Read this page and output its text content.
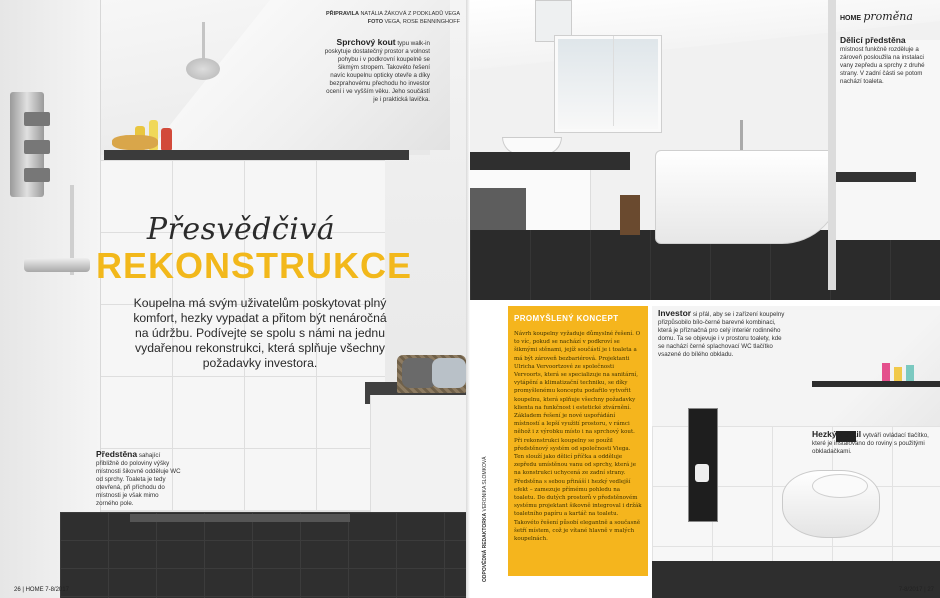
PŘIPRAVILA NATÁLIA ŽÁKOVÁ Z PODKLADŮ VEGA
FOTO VEGA, ROSE BENNINGHOFF
Sprchový kout typu walk-in poskytuje dostatečný prostor a volnost pohybu i v podkrovní koupelně se šikmým stropem. Takovéto řešení navíc koupelnu opticky otevře a díky bezprahovému přechodu ho investor ocení i ve vyšším věku. Jeho součástí je i praktická lavička.
Přesvědčivá
REKONSTRUKCE
Koupelna má svým uživatelům poskytovat plný komfort, hezky vypadat a přitom být nenáročná na údržbu. Podívejte se spolu s námi na jednu vydařenou rekonstrukci, která splňuje všechny požadavky investora.
Předstěna sahající přibližně do poloviny výšky místnosti šikovně odděluje WC od sprchy. Toaleta je tedy otevřená, při příchodu do místnosti je však mimo zorného pole.
26 | HOME 7-8/2017
HOME proměna
Dělicí předstěna
místnost funkčně rozděluje a zároveň posloužila na instalaci vany zepředu a sprchy z druhé strany. V zadní části se potom nachází toaleta.
PROMYŠLENÝ KONCEPT
Návrh koupelny vyžaduje důmyslné řešení. O to víc, pokud se nachází v podkroví se šikmými stěnami, jejíž součástí je i toaleta a má být zároveň bezbariérová. Projektanti Ulricha Vervoortzové ze společnosti Vervoorts, která se specializuje na sanitární, vytápění a klimatizační techniku, se díky promyšlenému konceptu podařilo vytvořit koupelnu, která splňuje všechny požadavky klienta na funkčnost i estetické ztvárnění. Základem řešení je nové uspořádání místností a lepší využití prostoru, v rámci něhož i z výrobku místo i na sprchový kout. Při rekonstrukci koupelny se použil předstěnový systém od společnosti Viega. Ten slouží jako dělicí příčka a odděluje zepředu umístěnou vanu od sprchy, která je na konstrukci uchycená ze zadní strany. Předstěna s sebou přináší i hezký vedlejší efekt – zamezuje přímému pohledu na toaletu. Do dutých prostorů v předstěnovém systému projektant šikovně integroval i držák toaletního papíru a kartáč na toaletu. Takovéto řešení působí elegantně a současně šetří místem, což je vítané hlavně v malých koupelnách.
ODPOVĚDNÁ REDAKTORKA VERONIKA SLOMKOVÁ
Investor si přál, aby se i zařízení koupelny přizpůsobilo bílo-černé barevné kombinaci, která je příznačná pro celý interiér rodinného domu. Ta se objevuje i v prostoru toalety, kde se nachází černé splachovací WC tlačítko vsazené do bílého obkladu.
Hezký detail vytváří ovládací tlačítko, které je instalováno do roviny s použitými obkladačkami.
7-8/2017 | 27
